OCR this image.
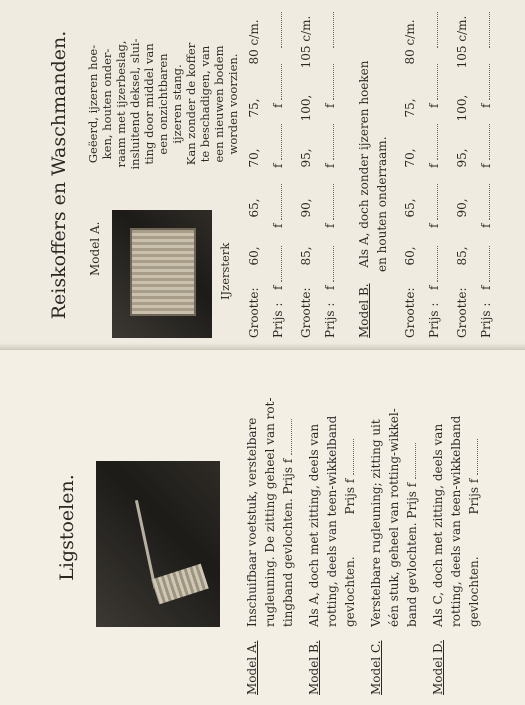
Reiskoffers en Waschmanden. Model A.	IJzersterk
Geëerd, ijzeren hoe- ken, houten onder- raam met ijzerbeslag, insluitend deksel, slui- ting door middel van een onzichtbaren ijzeren stang. Kan zonder de koffer te beschadigen, van een nieuwen bodem worden voorzien.
Grootte:
60,
65,
70,
75,
80 c/m.
Prijs :
f
f
f
f
Grootte:
85,
90,
95,
100,
105 c/m.
Prijs :
f
f
f
f
Model B. Als A, doch zonder ijzeren hoeken en houten onderraam.
Grootte:
60,
65,
70,
75,
80 c/m.
Prijs :
f
f
f
f
Grootte:
85,
90,
95,
100,
105 c/m.
Prijs :
f
f
f
f
Ligstoelen.
Model A.
Inschuifbaar voetstuk, verstelbare rugleuning. De zitting geheel van rot- tingband gevlochten. Prijs f
Model B.
Als A, doch met zitting, deels van rotting, deels van teen-wikkelband gevlochten.           Prijs f
Model C.
Verstelbare rugleuning; zitting uit één stuk, geheel van rotting-wikkel- band gevlochten. Prijs f
Model D.
Als C, doch met zitting, deels van rotting, deels van teen-wikkelband gevlochten.           Prijs f
